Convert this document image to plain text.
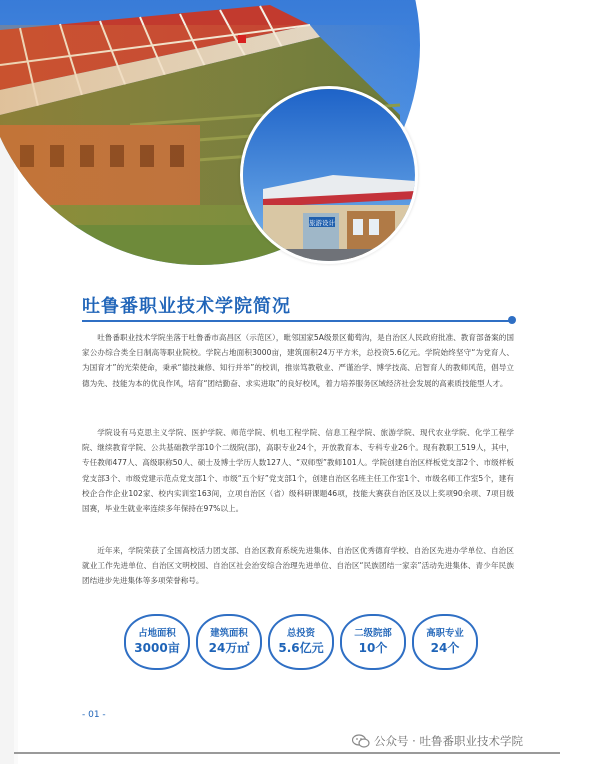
旅游设计
吐鲁番职业技术学院简况

吐鲁番职业技术学院坐落于吐鲁番市高昌区（示范区），毗邻国家5A级景区葡萄沟，是自治区人民政府批准、教育部备案的国家公办综合类全日制高等职业院校。学院占地面积3000亩，建筑面积24万平方米，总投资5.6亿元。学院始终坚守“为党育人、为国育才”的光荣使命，秉承“德技兼修、知行并举”的校训，推崇笃教敬业、严谨治学、博学技高、启智育人的教师风范，倡导立德为先、技能为本的优良作风，培育“团结勤奋、求实进取”的良好校风，着力培养服务区域经济社会发展的高素质技能型人才。

学院设有马克思主义学院、医护学院、师范学院、机电工程学院、信息工程学院、旅游学院、现代农业学院、化学工程学院、继续教育学院、公共基础教学部10个二级院(部)，高职专业24个，开放教育本、专科专业26个。现有教职工519人，其中，专任教师477人、高级职称50人、硕士及博士学历人数127人、“双师型”教师101人。学院创建自治区样板党支部2个、市级样板党支部3个、市级党建示范点党支部1个、市级“五个好”党支部1个，创建自治区名班主任工作室1个、市级名师工作室5个，建有校企合作企业102家、校内实训室163间，立项自治区（省）级科研课题46项，技能大赛获自治区及以上奖项90余项、7项目级国赛，毕业生就业率连续多年保持在97%以上。

近年来，学院荣获了全国高校活力团支部、自治区教育系统先进集体、自治区优秀德育学校、自治区先进办学单位、自治区就业工作先进单位、自治区文明校园、自治区社会治安综合治理先进单位、自治区“民族团结一家亲”活动先进集体、青少年民族团结进步先进集体等多项荣誉称号。

占地面积
3000亩
建筑面积
24万㎡
总投资
5.6亿元
二级院部
10个
高职专业
24个
- 01 -
公众号 · 吐鲁番职业技术学院
